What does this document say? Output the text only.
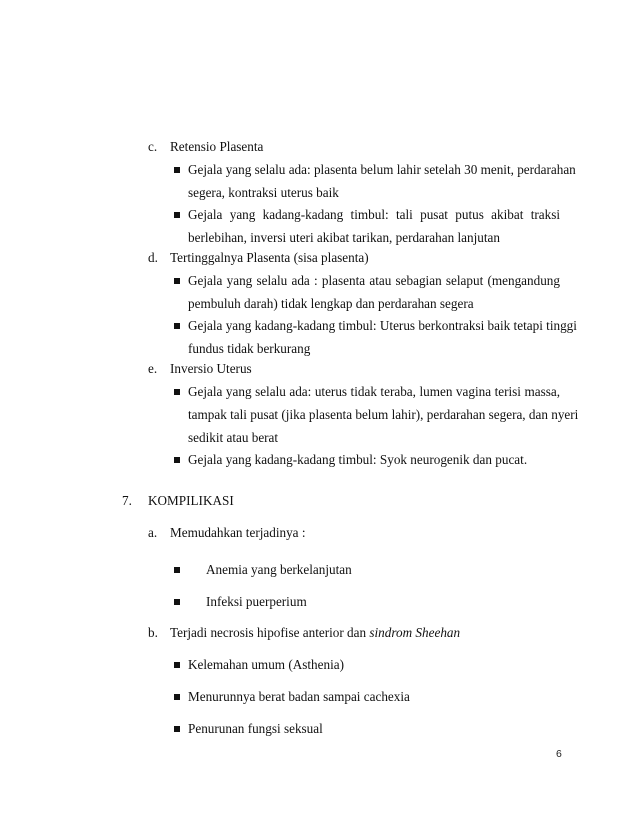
c. Retensio Plasenta
Gejala yang selalu ada: plasenta belum lahir setelah 30 menit, perdarahan
segera, kontraksi uterus baik
Gejala yang kadang-kadang timbul: tali pusat putus akibat traksi
berlebihan, inversi uteri akibat tarikan, perdarahan lanjutan
d. Tertinggalnya Plasenta (sisa plasenta)
Gejala yang selalu ada : plasenta atau sebagian selaput (mengandung
pembuluh darah) tidak lengkap dan perdarahan segera
Gejala yang kadang-kadang timbul: Uterus berkontraksi baik tetapi tinggi
fundus tidak berkurang
e. Inversio Uterus
Gejala yang selalu ada: uterus tidak teraba, lumen vagina terisi massa,
tampak tali pusat (jika plasenta belum lahir), perdarahan segera, dan nyeri
sedikit atau berat
Gejala yang kadang-kadang timbul: Syok neurogenik dan pucat.
7. KOMPILIKASI
a. Memudahkan terjadinya :
Anemia yang berkelanjutan
Infeksi puerperium
b. Terjadi necrosis hipofise anterior dan sindrom Sheehan
Kelemahan umum (Asthenia)
Menurunnya berat badan sampai cachexia
Penurunan fungsi seksual
6
